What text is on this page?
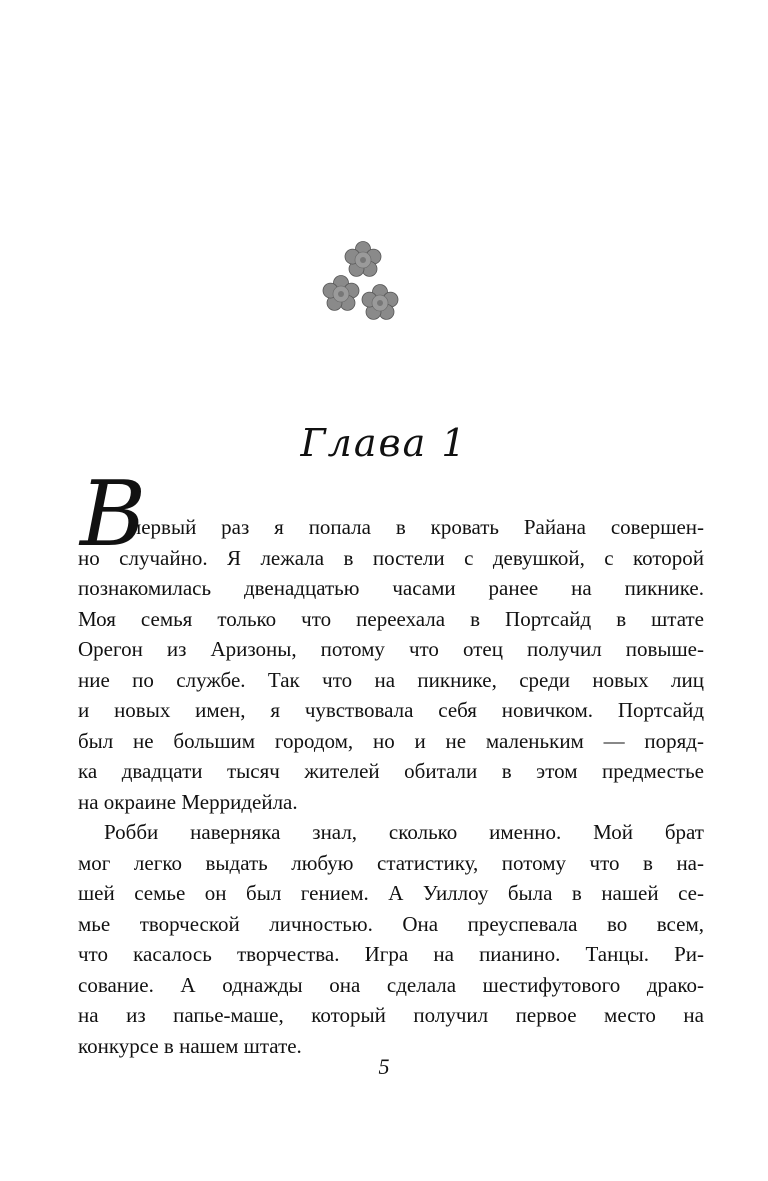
Глава 1
В
первый раз я попала в кровать Райана совершен-
но случайно. Я лежала в постели с девушкой, с которой
познакомилась двенадцатью часами ранее на пикнике.
Моя семья только что переехала в Портсайд в штате
Орегон из Аризоны, потому что отец получил повыше-
ние по службе. Так что на пикнике, среди новых лиц
и новых имен, я чувствовала себя новичком. Портсайд
был не большим городом, но и не маленьким — поряд-
ка двадцати тысяч жителей обитали в этом предместье
на окраине Мерридейла.
Робби наверняка знал, сколько именно. Мой брат
мог легко выдать любую статистику, потому что в на-
шей семье он был гением. А Уиллоу была в нашей се-
мье творческой личностью. Она преуспевала во всем,
что касалось творчества. Игра на пианино. Танцы. Ри-
сование. А однажды она сделала шестифутового драко-
на из папье-маше, который получил первое место на
конкурсе в нашем штате.
5
